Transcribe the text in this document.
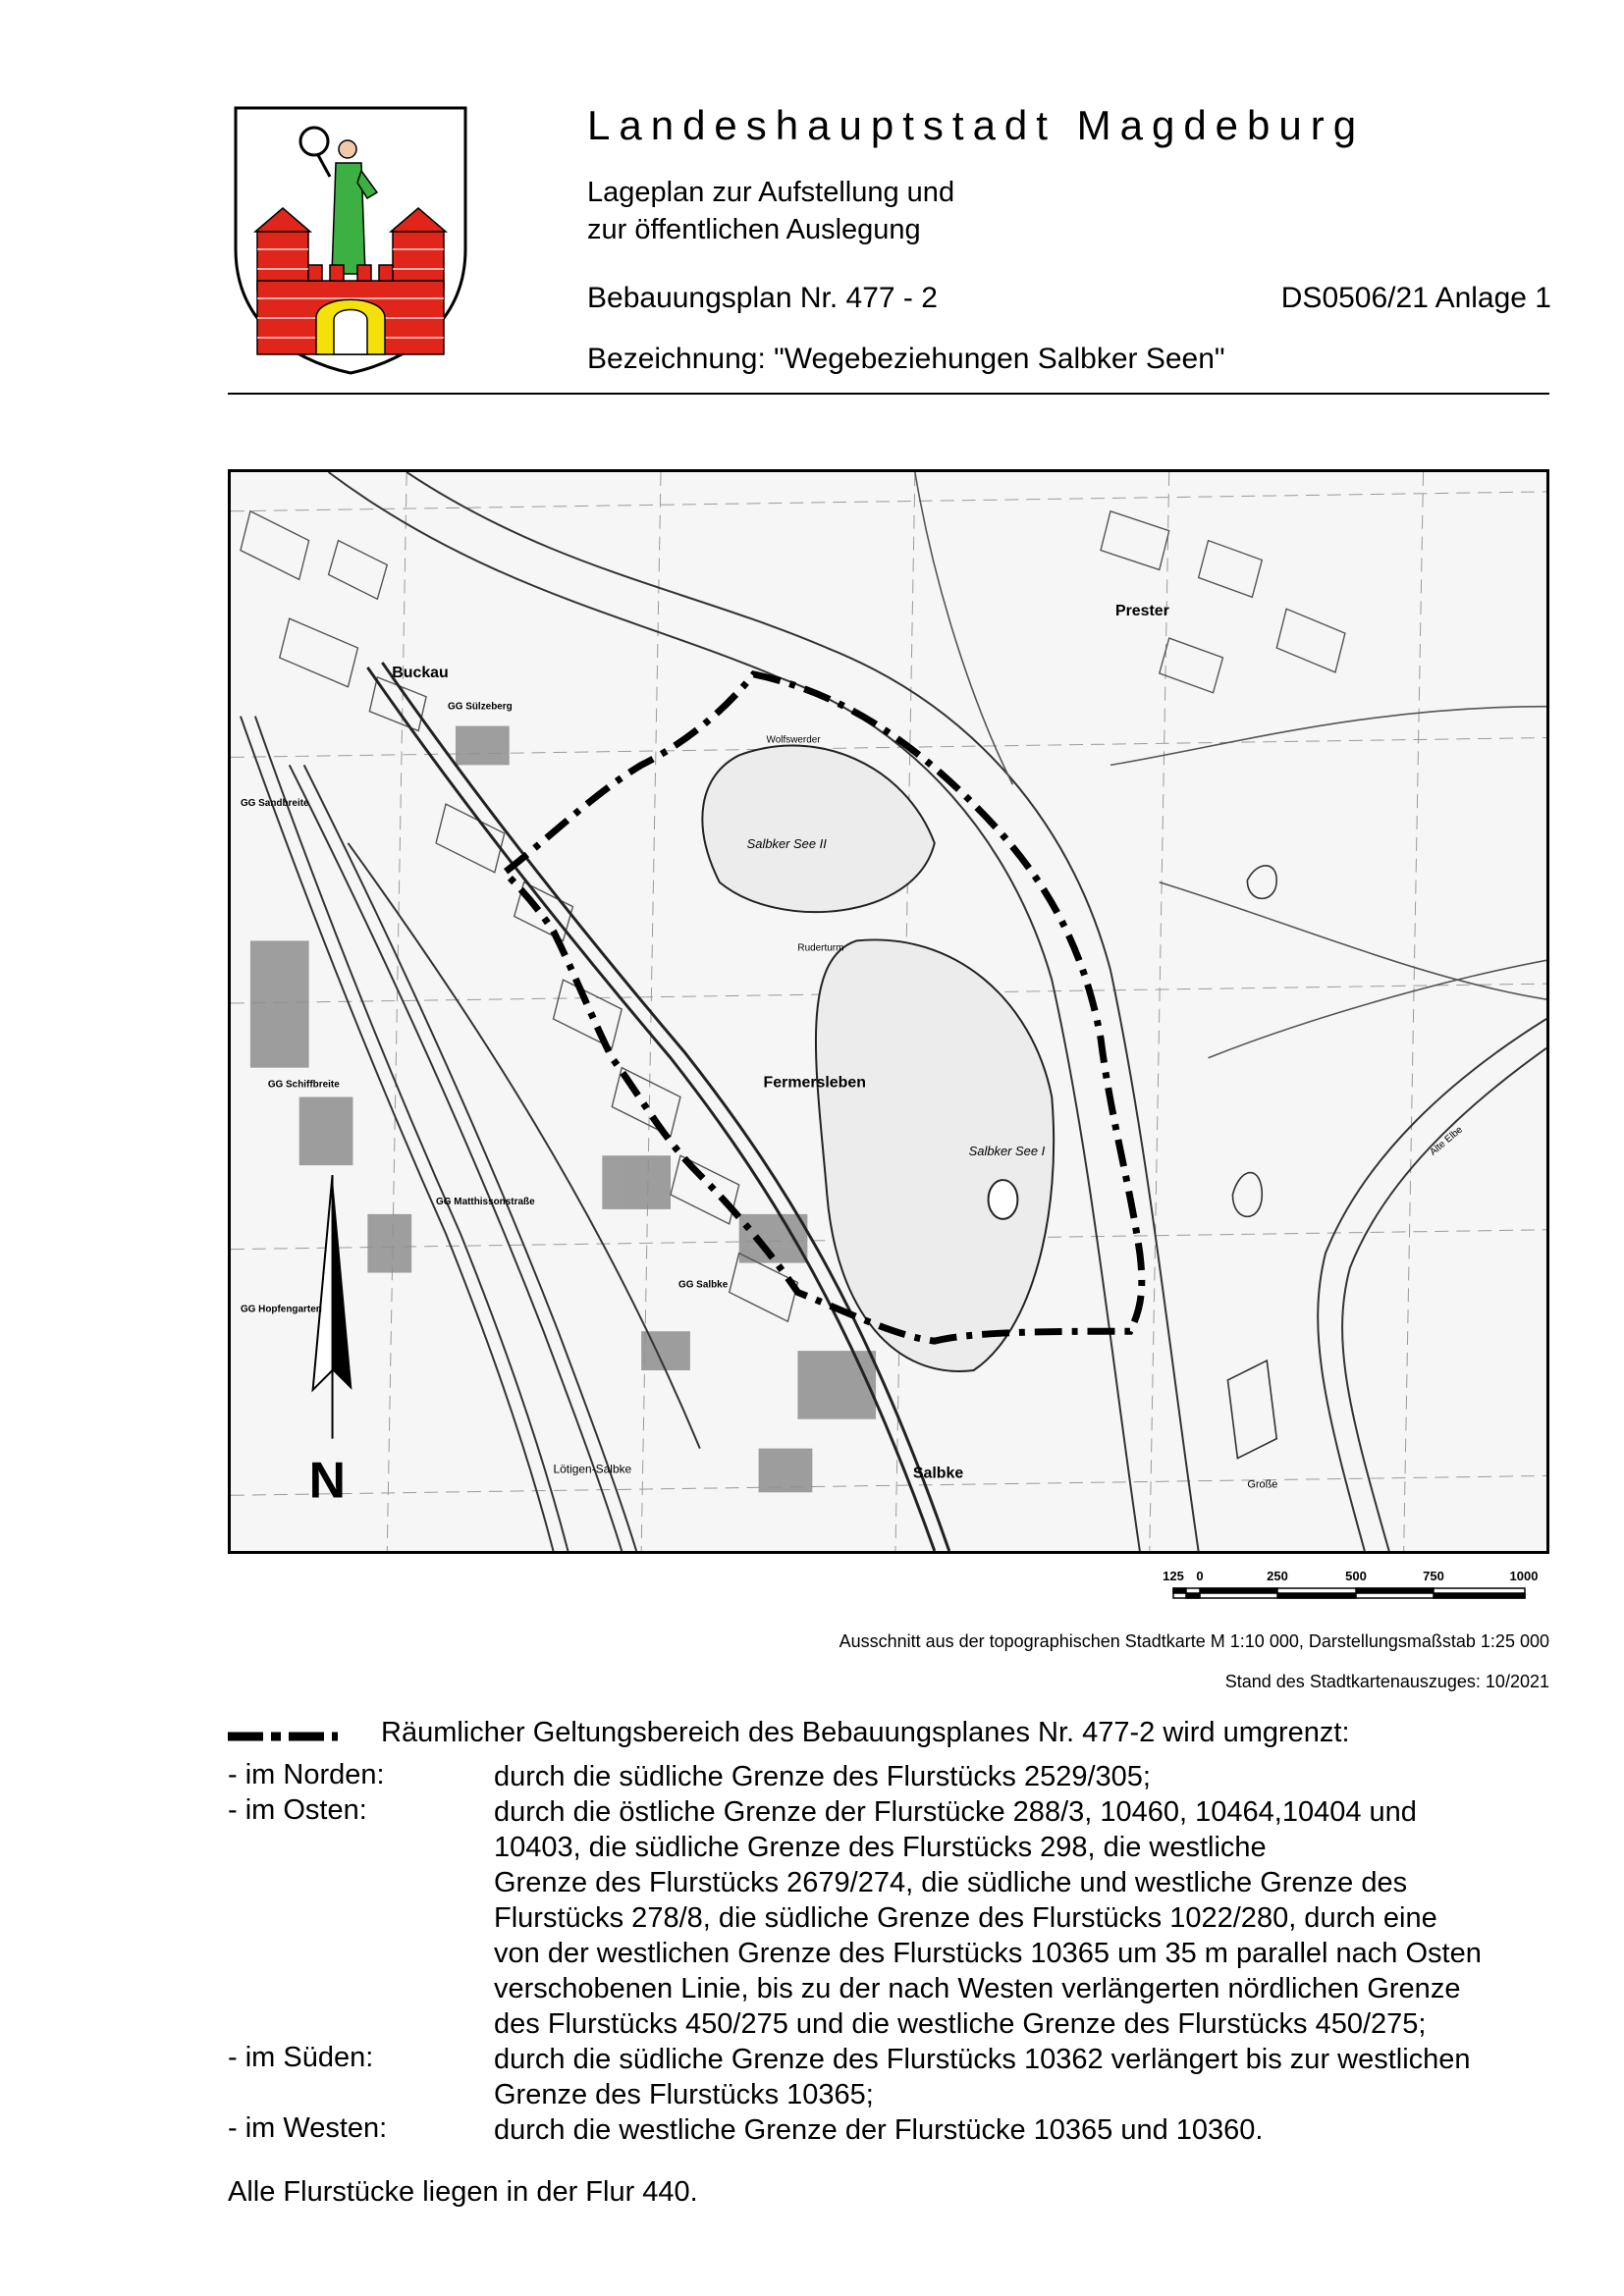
Landeshauptstadt Magdeburg
Lageplan zur Aufstellung und
zur öffentlichen Auslegung
Bebauungsplan Nr. 477 - 2	DS0506/21 Anlage 1
Bezeichnung: "Wegebeziehungen Salbker Seen"
N
Buckau
Prester
Fermersleben
Salbke
Salbker See II
Salbker See I
Lötigen-Salbke
Große
GG Sülzeberg
GG Sandbreite
GG Schiffbreite
GG Matthissonstraße
GG Hopfengarten
GG Salbke
Wolfswerder
Alte Elbe
Ruderturm
125 0	250	500	750	1000
Ausschnitt aus der topographischen Stadtkarte M 1:10 000, Darstellungsmaßstab 1:25 000
Stand des Stadtkartenauszuges: 10/2021
Räumlicher Geltungsbereich des Bebauungsplanes Nr. 477-2 wird umgrenzt:
- im Norden:	durch die südliche Grenze des Flurstücks 2529/305;
- im Osten:	durch die östliche Grenze der Flurstücke 288/3, 10460, 10464,10404 und
10403, die südliche Grenze des Flurstücks 298, die westliche
Grenze des Flurstücks 2679/274, die südliche und westliche Grenze des
Flurstücks 278/8, die südliche Grenze des Flurstücks 1022/280, durch eine
von der westlichen Grenze des Flurstücks 10365 um 35 m parallel nach Osten
verschobenen Linie, bis zu der nach Westen verlängerten nördlichen Grenze
des Flurstücks 450/275 und die westliche Grenze des Flurstücks 450/275;
- im Süden:	durch die südliche Grenze des Flurstücks 10362 verlängert bis zur westlichen
Grenze des Flurstücks 10365;
- im Westen:	durch die westliche Grenze der Flurstücke 10365 und 10360.
Alle Flurstücke liegen in der Flur 440.
